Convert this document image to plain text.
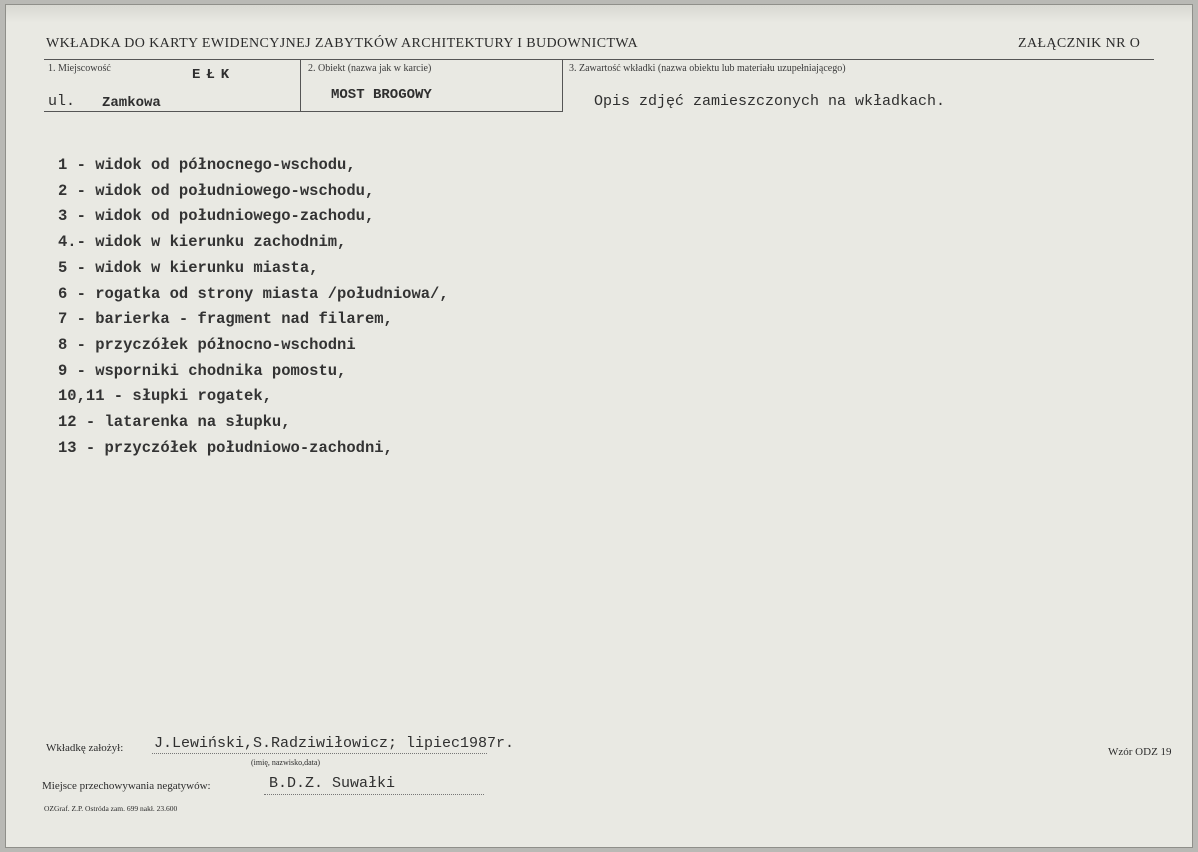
WKŁADKA DO KARTY EWIDENCYJNEJ ZABYTKÓW ARCHITEKTURY I BUDOWNICTWA	ZAŁĄCZNIK NR O
1. Miejscowość	2. Obiekt (nazwa jak w karcie)	3. Zawartość wkładki (nazwa obiektu lub materiału uzupełniającego)
EŁK
ul. Zamkowa	MOST BROGOWY	Opis zdjęć zamieszczonych na wkładkach.
1 - widok od północnego-wschodu,
2 - widok od południowego-wschodu,
3 - widok od południowego-zachodu,
4.- widok w kierunku zachodnim,
5 - widok w kierunku miasta,
6 - rogatka od strony miasta /południowa/,
7 - barierka - fragment nad filarem,
8 - przyczółek północno-wschodni
9 - wsporniki chodnika pomostu,
10,11 - słupki rogatek,
12 - latarenka na słupku,
13 - przyczółek południowo-zachodni,
Wkładkę założył: J.Lewiński,S.Radziwiłowicz; lipiec1987r.
(imię, nazwisko,data)
Wzór ODZ 19
Miejsce przechowywania negatywów:	B.D.Z. Suwałki
OZGraf. Z.P. Ostróda zam. 699 nakł. 23.600
